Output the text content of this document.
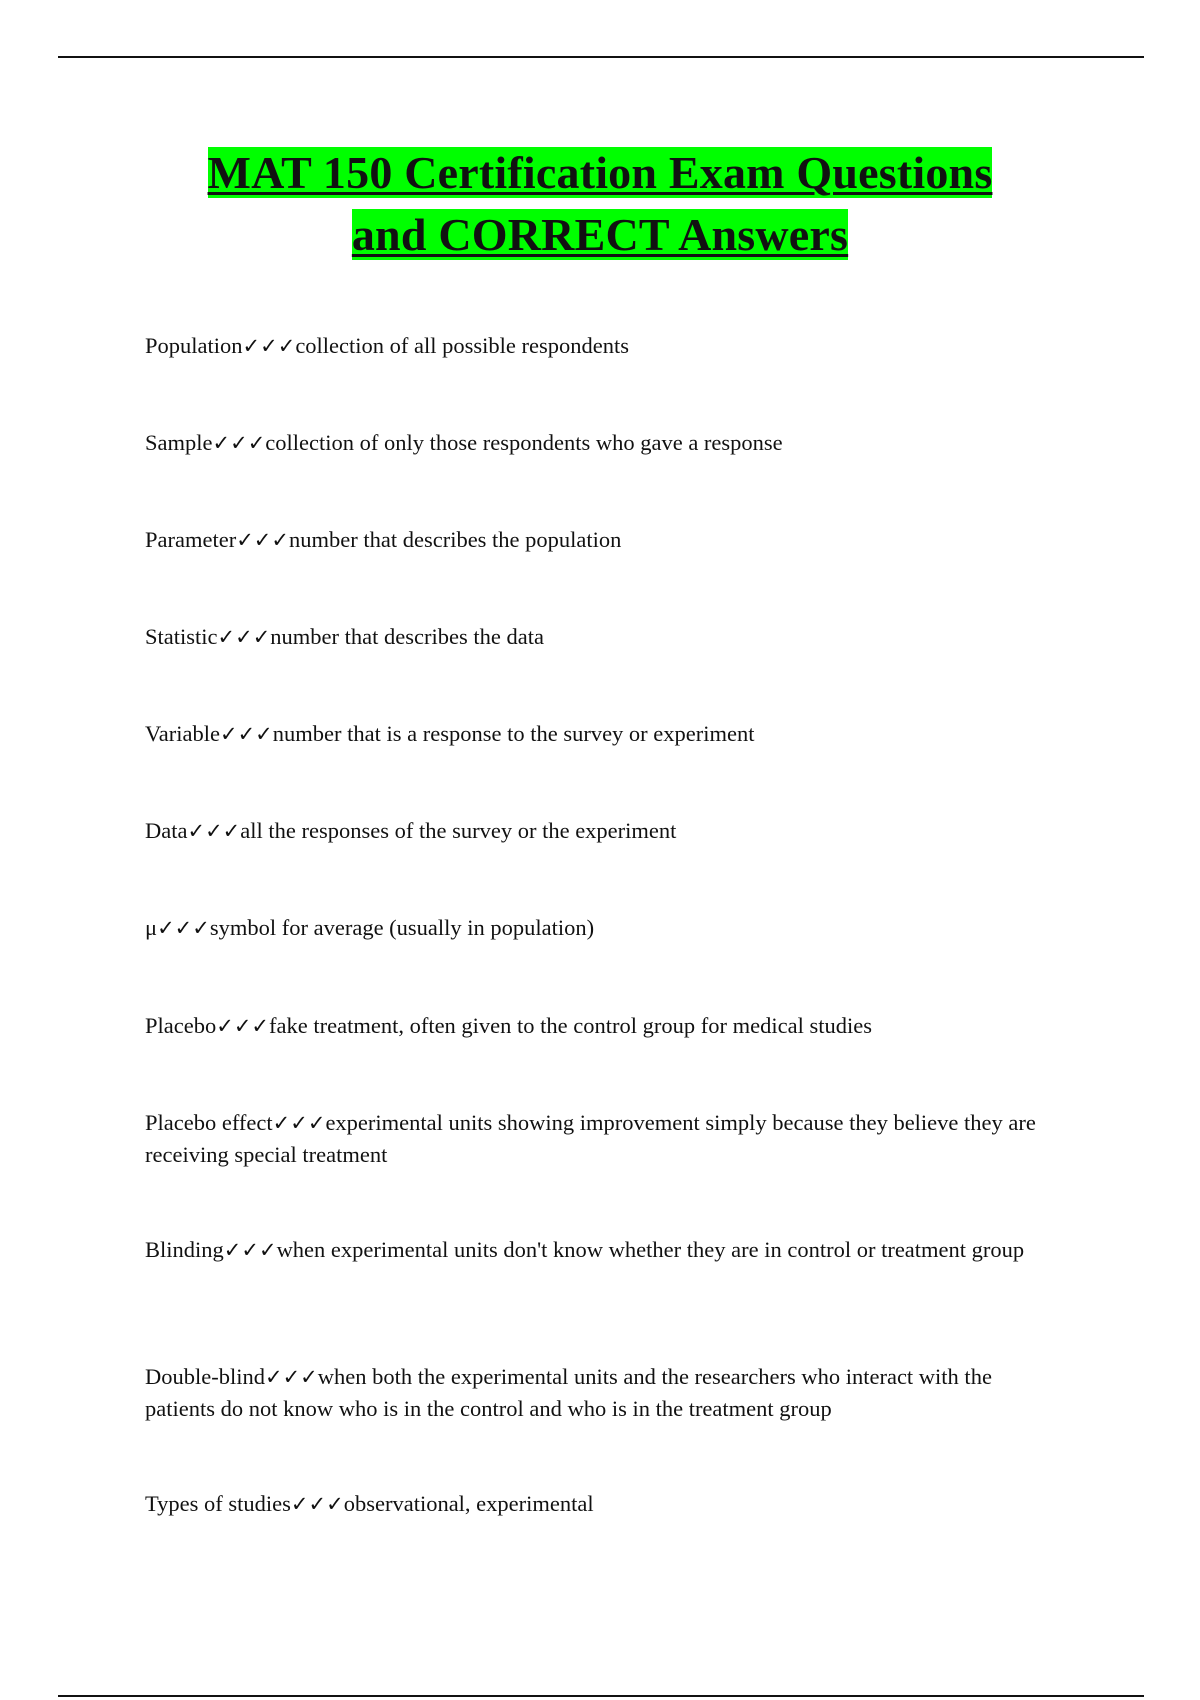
MAT 150 Certification Exam Questions
and CORRECT Answers
Population✓✓✓collection of all possible respondents
Sample✓✓✓collection of only those respondents who gave a response
Parameter✓✓✓number that describes the population
Statistic✓✓✓number that describes the data
Variable✓✓✓number that is a response to the survey or experiment
Data✓✓✓all the responses of the survey or the experiment
μ✓✓✓symbol for average (usually in population)
Placebo✓✓✓fake treatment, often given to the control group for medical studies
Placebo effect✓✓✓experimental units showing improvement simply because they believe they are receiving special treatment
Blinding✓✓✓when experimental units don't know whether they are in control or treatment group
Double-blind✓✓✓when both the experimental units and the researchers who interact with the patients do not know who is in the control and who is in the treatment group
Types of studies✓✓✓observational, experimental
